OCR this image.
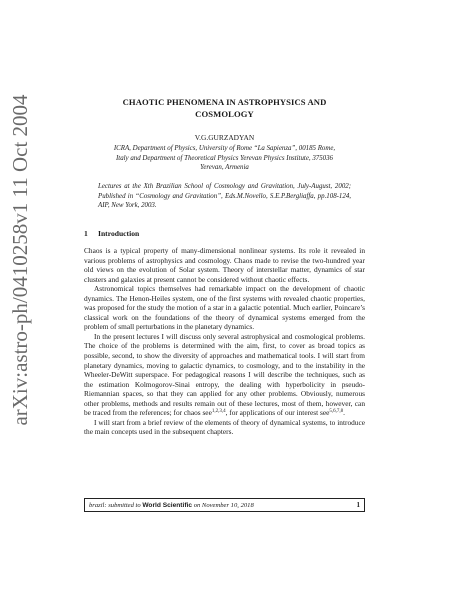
arXiv:astro-ph/0410258v1 11 Oct 2004	CHAOTIC PHENOMENA IN ASTROPHYSICS AND
COSMOLOGY
V.G.GURZADYAN
ICRA, Department of Physics, University of Rome “La Sapienza”, 00185 Rome,
Italy and Department of Theoretical Physics Yerevan Physics Institute, 375036
Yerevan, Armenia
Lectures at the Xth Brazilian School of Cosmology and Gravitation, July-August, 2002; Published in “Cosmology and Gravitation”, Eds.M.Novello, S.E.P.Bergliaffa, pp.108-124, AIP, New York, 2003.
1 Introduction

Chaos is a typical property of many-dimensional nonlinear systems. Its role it revealed in various problems of astrophysics and cosmology. Chaos made to revise the two-hundred year old views on the evolution of Solar system. Theory of interstellar matter, dynamics of star clusters and galaxies at present cannot be considered without chaotic effects.

Astronomical topics themselves had remarkable impact on the development of chaotic dynamics. The Henon-Heiles system, one of the first systems with revealed chaotic properties, was proposed for the study the motion of a star in a galactic potential. Much earlier, Poincare’s classical work on the foundations of the theory of dynamical systems emerged from the problem of small perturbations in the planetary dynamics.

In the present lectures I will discuss only several astrophysical and cosmological problems. The choice of the problems is determined with the aim, first, to cover as broad topics as possible, second, to show the diversity of approaches and mathematical tools. I will start from planetary dynamics, moving to galactic dynamics, to cosmology, and to the instability in the Wheeler-DeWitt superspace. For pedagogical reasons I will describe the techniques, such as the estimation Kolmogorov-Sinai entropy, the dealing with hyperbolicity in pseudo-Riemannian spaces, so that they can applied for any other problems. Obviously, numerous other problems, methods and results remain out of these lectures, most of them, however, can be traced from the references; for chaos see$^{1,2,3,4}$, for applications of our interest see$^{5,6,7,8}$.

I will start from a brief review of the elements of theory of dynamical systems, to introduce the main concepts used in the subsequent chapters.

brazil: submitted to World Scientific on November 10, 2018	1
